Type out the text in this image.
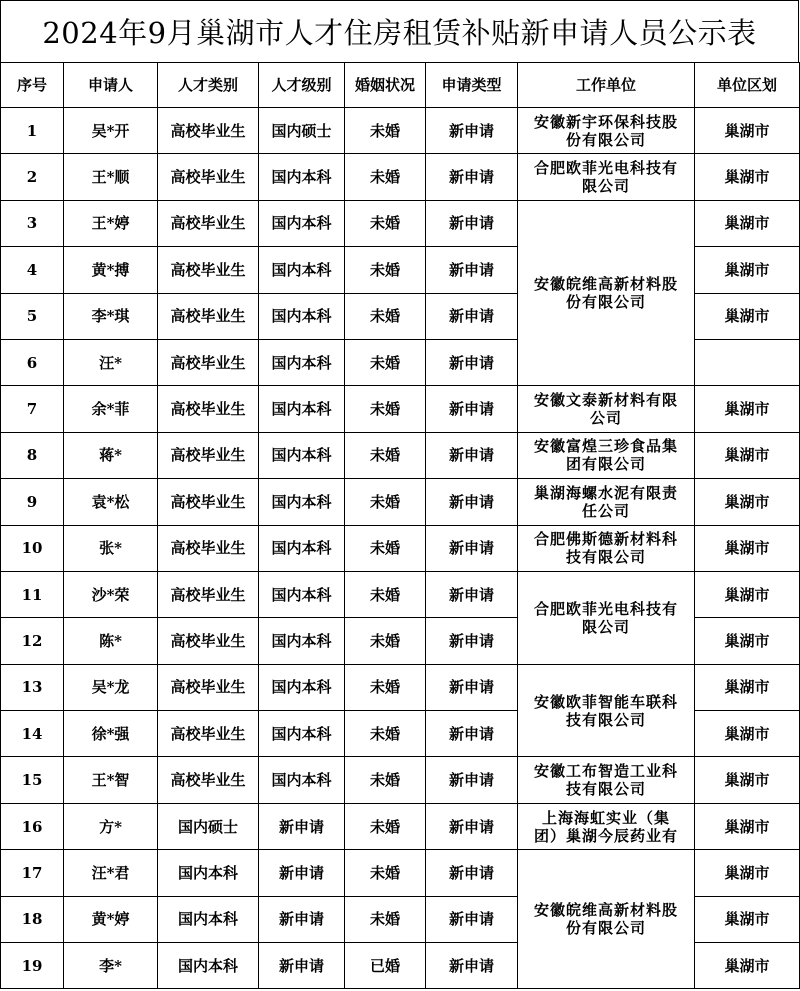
2024年9月巢湖市人才住房租赁补贴新申请人员公示表
序号	申请人	人才类别	人才级别	婚姻状况	申请类型	工作单位	单位区划
1	吴*开	高校毕业生	国内硕士	未婚	新申请	安徽新宇环保科技股
份有限公司	巢湖市
2	王*顺	高校毕业生	国内本科	未婚	新申请	合肥欧菲光电科技有
限公司	巢湖市
3	王*婷	高校毕业生	国内本科	未婚	新申请	安徽皖维高新材料股
份有限公司	巢湖市
4	黄*搏	高校毕业生	国内本科	未婚	新申请		巢湖市
5	李*琪	高校毕业生	国内本科	未婚	新申请		巢湖市
6	汪*	高校毕业生	国内本科	未婚	新申请		
7	余*菲	高校毕业生	国内本科	未婚	新申请	安徽文泰新材料有限
公司	巢湖市
8	蒋*	高校毕业生	国内本科	未婚	新申请	安徽富煌三珍食品集
团有限公司	巢湖市
9	袁*松	高校毕业生	国内本科	未婚	新申请	巢湖海螺水泥有限责
任公司	巢湖市
10	张*	高校毕业生	国内本科	未婚	新申请	合肥佛斯德新材料科
技有限公司	巢湖市
11	沙*荣	高校毕业生	国内本科	未婚	新申请	合肥欧菲光电科技有
限公司	巢湖市
12	陈*	高校毕业生	国内本科	未婚	新申请		巢湖市
13	吴*龙	高校毕业生	国内本科	未婚	新申请	安徽欧菲智能车联科
技有限公司	巢湖市
14	徐*强	高校毕业生	国内本科	未婚	新申请		巢湖市
15	王*智	高校毕业生	国内本科	未婚	新申请	安徽工布智造工业科
技有限公司	巢湖市
16	方*	国内硕士	新申请	未婚	新申请	上海海虹实业（集
团）巢湖今辰药业有	巢湖市
17	汪*君	国内本科	新申请	未婚	新申请	安徽皖维高新材料股
份有限公司	巢湖市
18	黄*婷	国内本科	新申请	未婚	新申请		巢湖市
19	李*	国内本科	新申请	已婚	新申请		巢湖市
